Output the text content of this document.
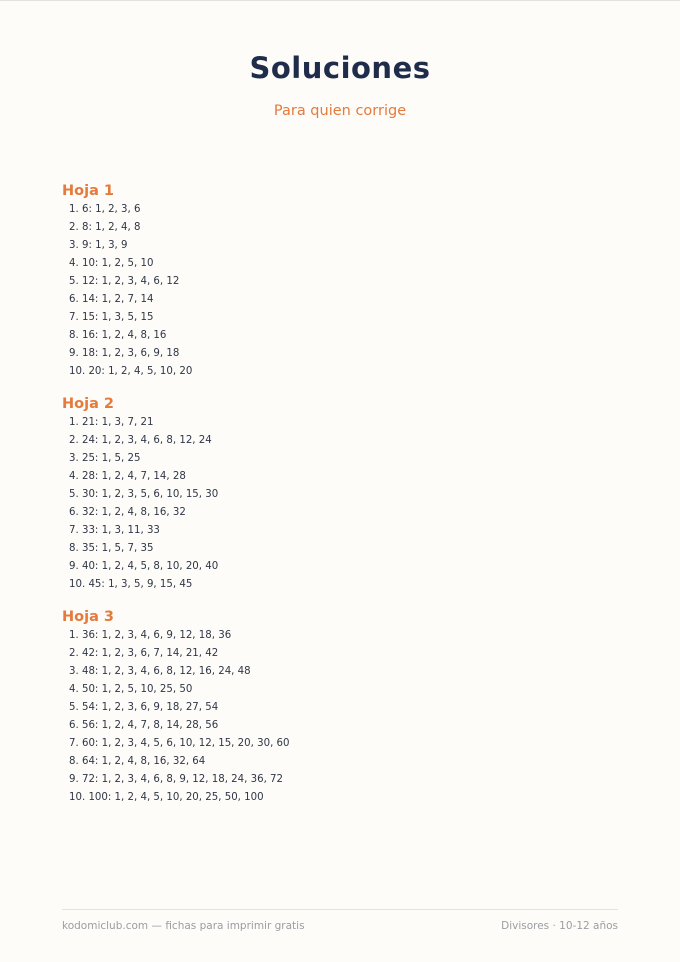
Soluciones
Para quien corrige
Hoja 1
1. 6: 1, 2, 3, 6
2. 8: 1, 2, 4, 8
3. 9: 1, 3, 9
4. 10: 1, 2, 5, 10
5. 12: 1, 2, 3, 4, 6, 12
6. 14: 1, 2, 7, 14
7. 15: 1, 3, 5, 15
8. 16: 1, 2, 4, 8, 16
9. 18: 1, 2, 3, 6, 9, 18
10. 20: 1, 2, 4, 5, 10, 20
Hoja 2
1. 21: 1, 3, 7, 21
2. 24: 1, 2, 3, 4, 6, 8, 12, 24
3. 25: 1, 5, 25
4. 28: 1, 2, 4, 7, 14, 28
5. 30: 1, 2, 3, 5, 6, 10, 15, 30
6. 32: 1, 2, 4, 8, 16, 32
7. 33: 1, 3, 11, 33
8. 35: 1, 5, 7, 35
9. 40: 1, 2, 4, 5, 8, 10, 20, 40
10. 45: 1, 3, 5, 9, 15, 45
Hoja 3
1. 36: 1, 2, 3, 4, 6, 9, 12, 18, 36
2. 42: 1, 2, 3, 6, 7, 14, 21, 42
3. 48: 1, 2, 3, 4, 6, 8, 12, 16, 24, 48
4. 50: 1, 2, 5, 10, 25, 50
5. 54: 1, 2, 3, 6, 9, 18, 27, 54
6. 56: 1, 2, 4, 7, 8, 14, 28, 56
7. 60: 1, 2, 3, 4, 5, 6, 10, 12, 15, 20, 30, 60
8. 64: 1, 2, 4, 8, 16, 32, 64
9. 72: 1, 2, 3, 4, 6, 8, 9, 12, 18, 24, 36, 72
10. 100: 1, 2, 4, 5, 10, 20, 25, 50, 100
kodomiclub.com — fichas para imprimir gratis	Divisores · 10-12 años
